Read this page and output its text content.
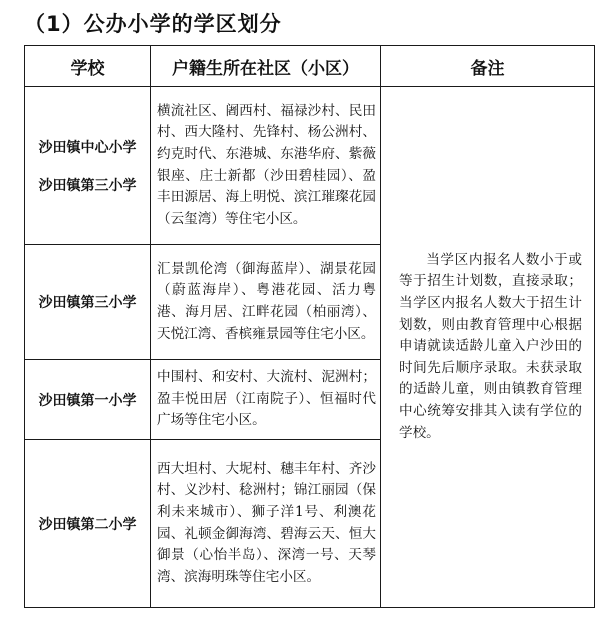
（1）公办小学的学区划分
学校	户籍生所在社区（小区）	备注

沙田镇中心小学
沙田镇第三小学	横流社区、阇西村、福禄沙村、民田村、西大隆村、先锋村、杨公洲村、约克时代、东港城、东港华府、紫薇银座、庄士新都（沙田碧桂园）、盈丰田源居、海上明悦、滨江璀璨花园（云玺湾）等住宅小区。	当学区内报名人数小于或等于招生计划数，直接录取；当学区内报名人数大于招生计划数，则由教育管理中心根据申请就读适龄儿童入户沙田的时间先后顺序录取。未获录取的适龄儿童，则由镇教育管理中心统筹安排其入读有学位的学校。

沙田镇第三小学	汇景凯伦湾（御海蓝岸）、湖景花园（蔚蓝海岸）、粤港花园、活力粤港、海月居、江畔花园（柏丽湾）、天悦江湾、香槟雍景园等住宅小区。	

沙田镇第一小学	中围村、和安村、大流村、泥洲村；盈丰悦田居（江南院子）、恒福时代广场等住宅小区。	

沙田镇第二小学	西大坦村、大坭村、穗丰年村、齐沙村、义沙村、稔洲村；锦江丽园（保利未来城市）、狮子洋1号、利澳花园、礼顿金御海湾、碧海云天、恒大御景（心怡半岛）、深湾一号、天琴湾、滨海明珠等住宅小区。	
